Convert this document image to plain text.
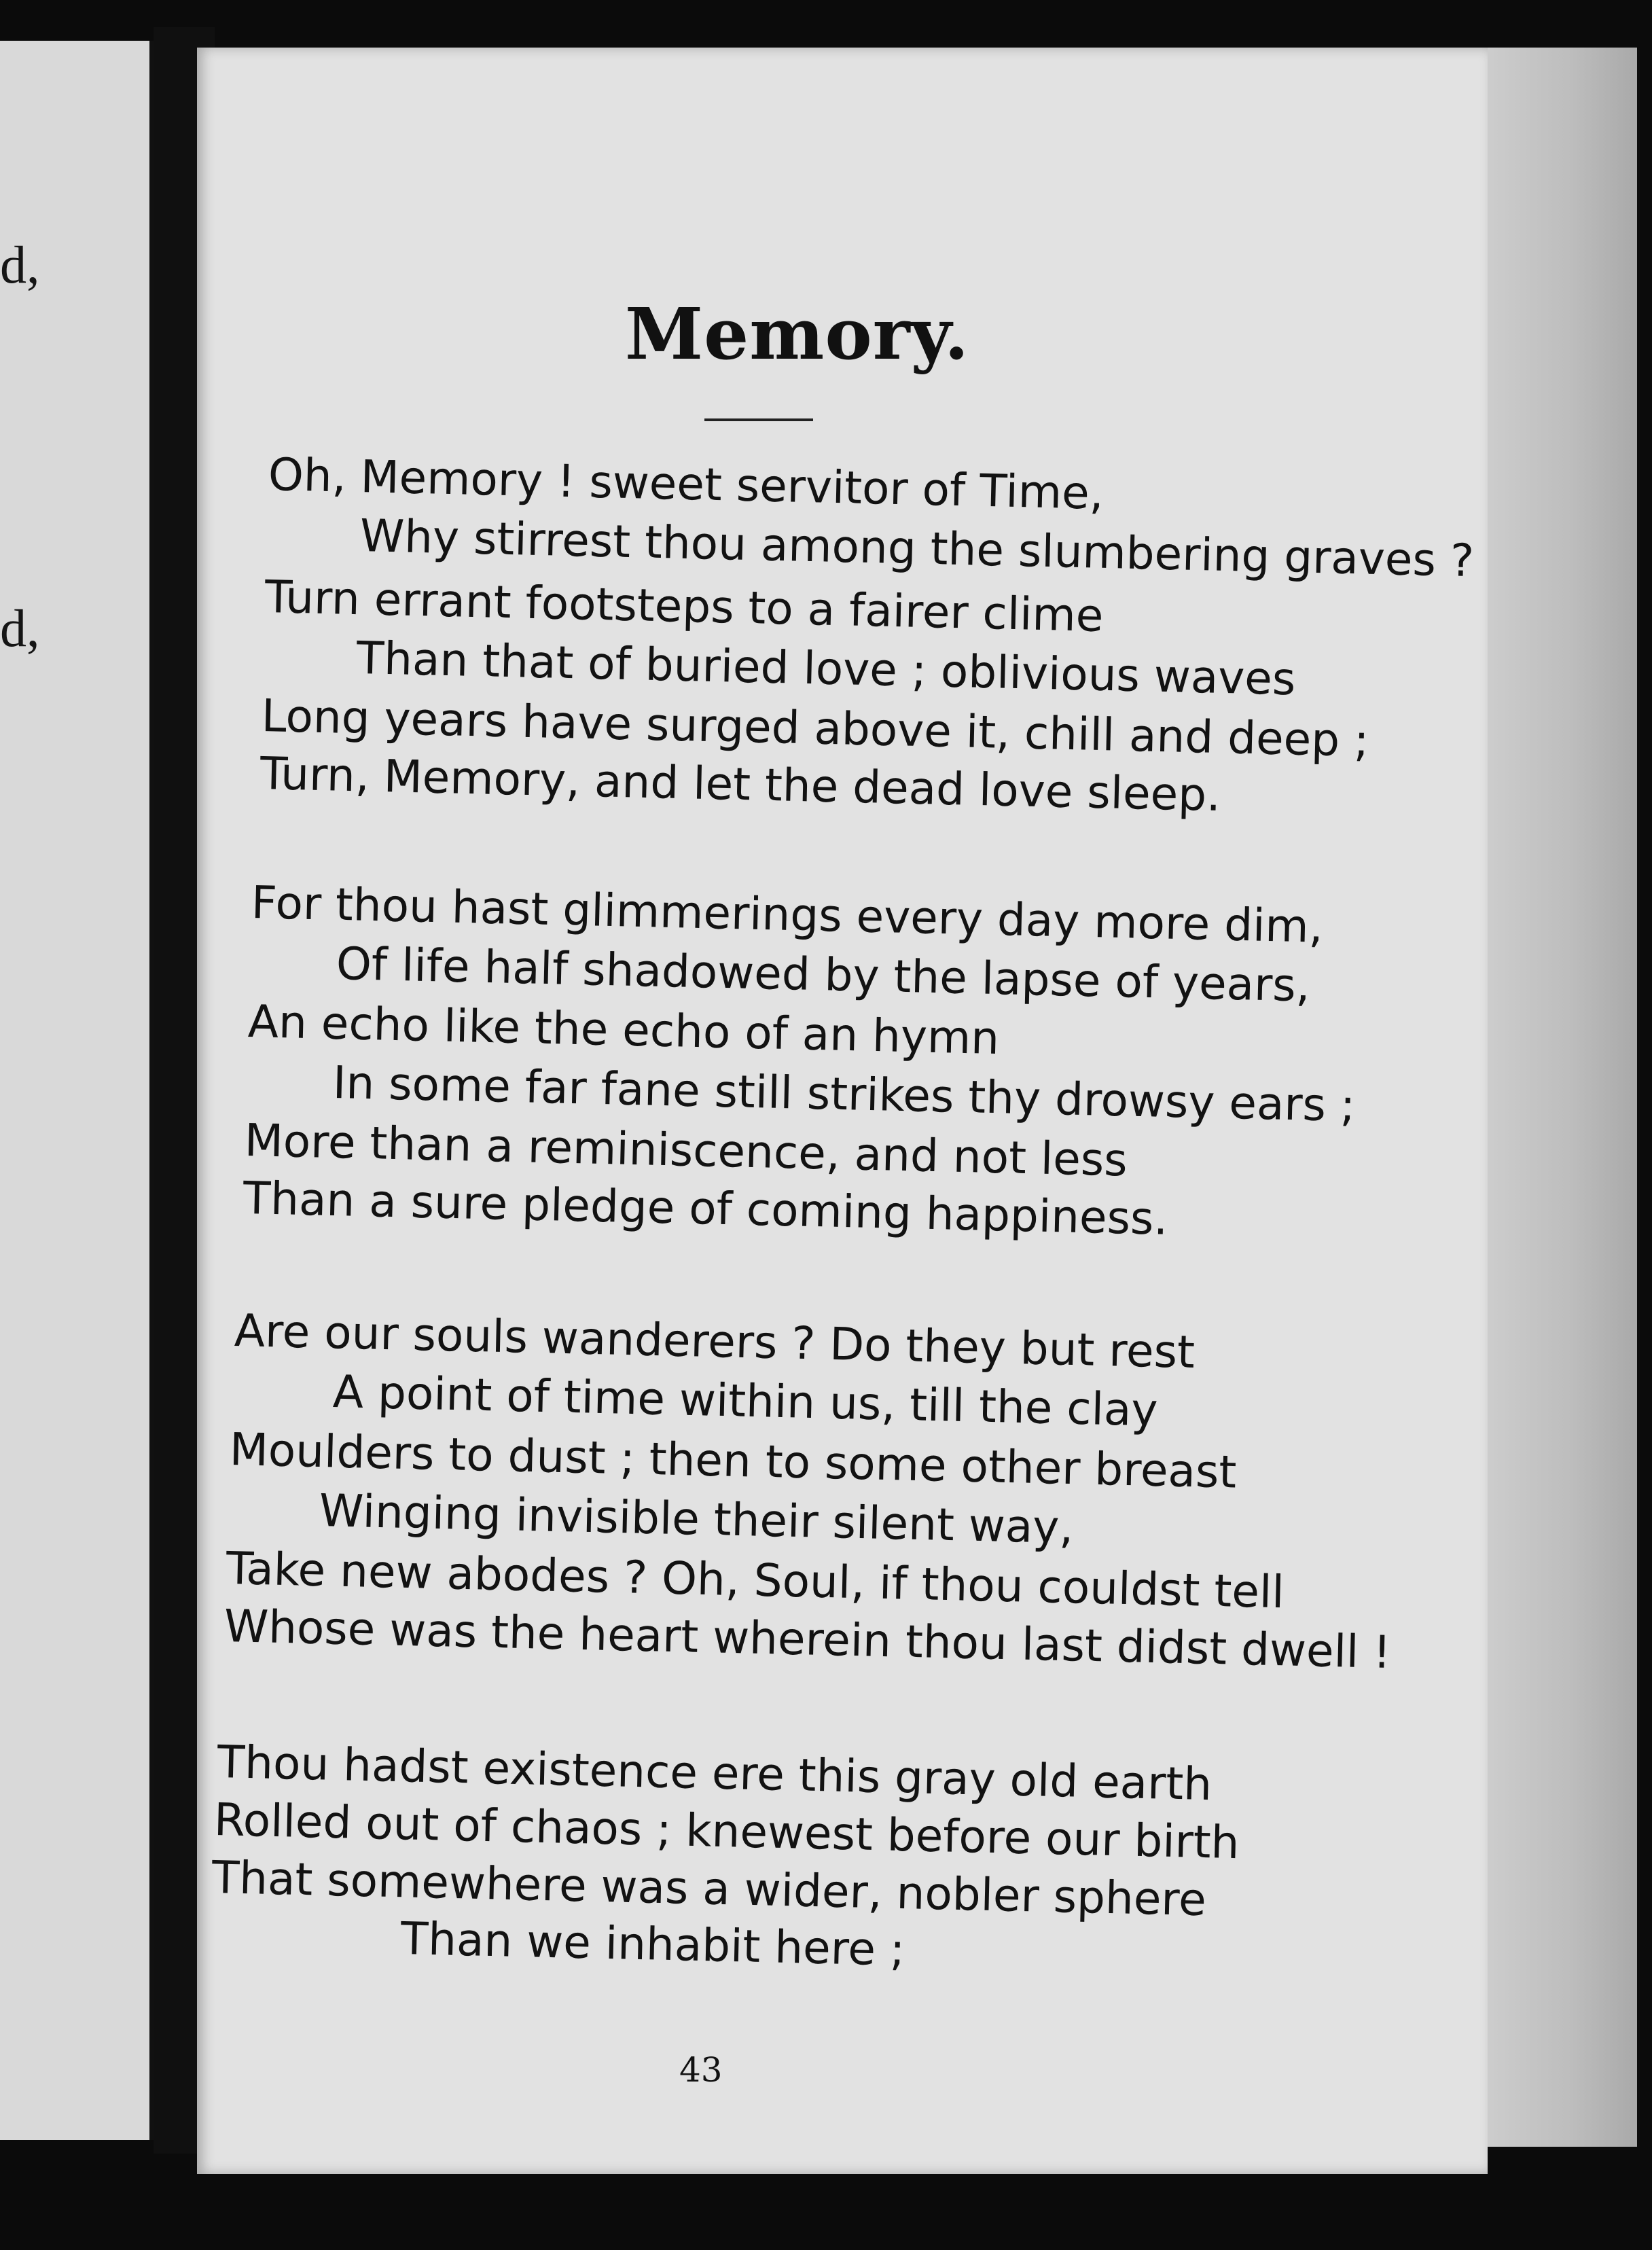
d,
d,
Memory.
Oh, Memory ! sweet servitor of Time,
Why stirrest thou among the slumbering graves ?
Turn errant footsteps to a fairer clime
Than that of buried love ; oblivious waves
Long years have surged above it, chill and deep ;
Turn, Memory, and let the dead love sleep.
For thou hast glimmerings every day more dim,
Of life half shadowed by the lapse of years,
An echo like the echo of an hymn
In some far fane still strikes thy drowsy ears ;
More than a reminiscence, and not less
Than a sure pledge of coming happiness.
Are our souls wanderers ? Do they but rest
A point of time within us, till the clay
Moulders to dust ; then to some other breast
Winging invisible their silent way,
Take new abodes ? Oh, Soul, if thou couldst tell
Whose was the heart wherein thou last didst dwell !
Thou hadst existence ere this gray old earth
Rolled out of chaos ; knewest before our birth
That somewhere was a wider, nobler sphere
Than we inhabit here ;
43
